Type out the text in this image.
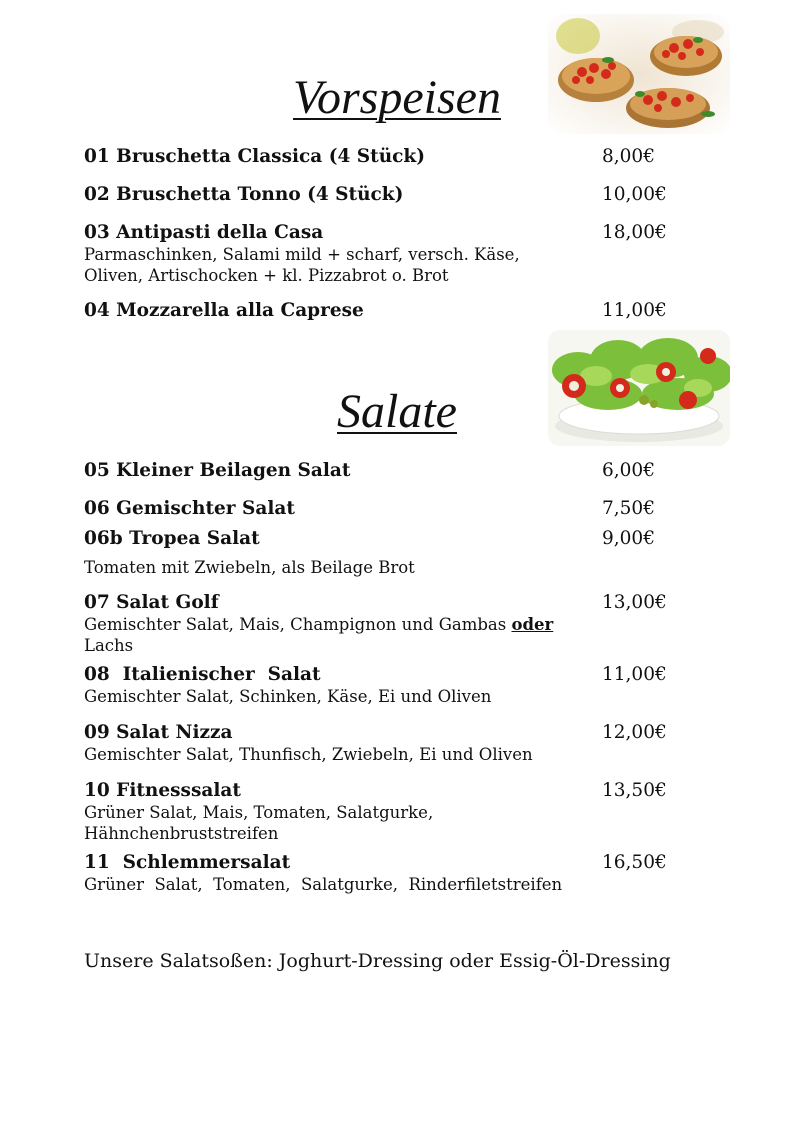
Vorspeisen
01 Bruschetta Classica (4 Stück)	8,00€
02 Bruschetta Tonno (4 Stück)	10,00€
03 Antipasti della Casa	18,00€
Parmaschinken, Salami mild + scharf, versch. Käse,
Oliven, Artischocken + kl. Pizzabrot o. Brot
04 Mozzarella alla Caprese	11,00€
Salate
05 Kleiner Beilagen Salat	6,00€
06 Gemischter Salat	7,50€
06b Tropea Salat	9,00€
Tomaten mit Zwiebeln, als Beilage Brot
07 Salat Golf	13,00€
Gemischter Salat, Mais, Champignon und Gambas oder
Lachs
08  Italienischer  Salat	11,00€
Gemischter Salat, Schinken, Käse, Ei und Oliven
09 Salat Nizza	12,00€
Gemischter Salat, Thunfisch, Zwiebeln, Ei und Oliven
10 Fitnesssalat	13,50€
Grüner Salat, Mais, Tomaten, Salatgurke,
Hähnchenbruststreifen
11  Schlemmersalat	16,50€
Grüner  Salat,  Tomaten,  Salatgurke,  Rinderfiletstreifen
Unsere Salatsoßen: Joghurt-Dressing oder Essig-Öl-Dressing
